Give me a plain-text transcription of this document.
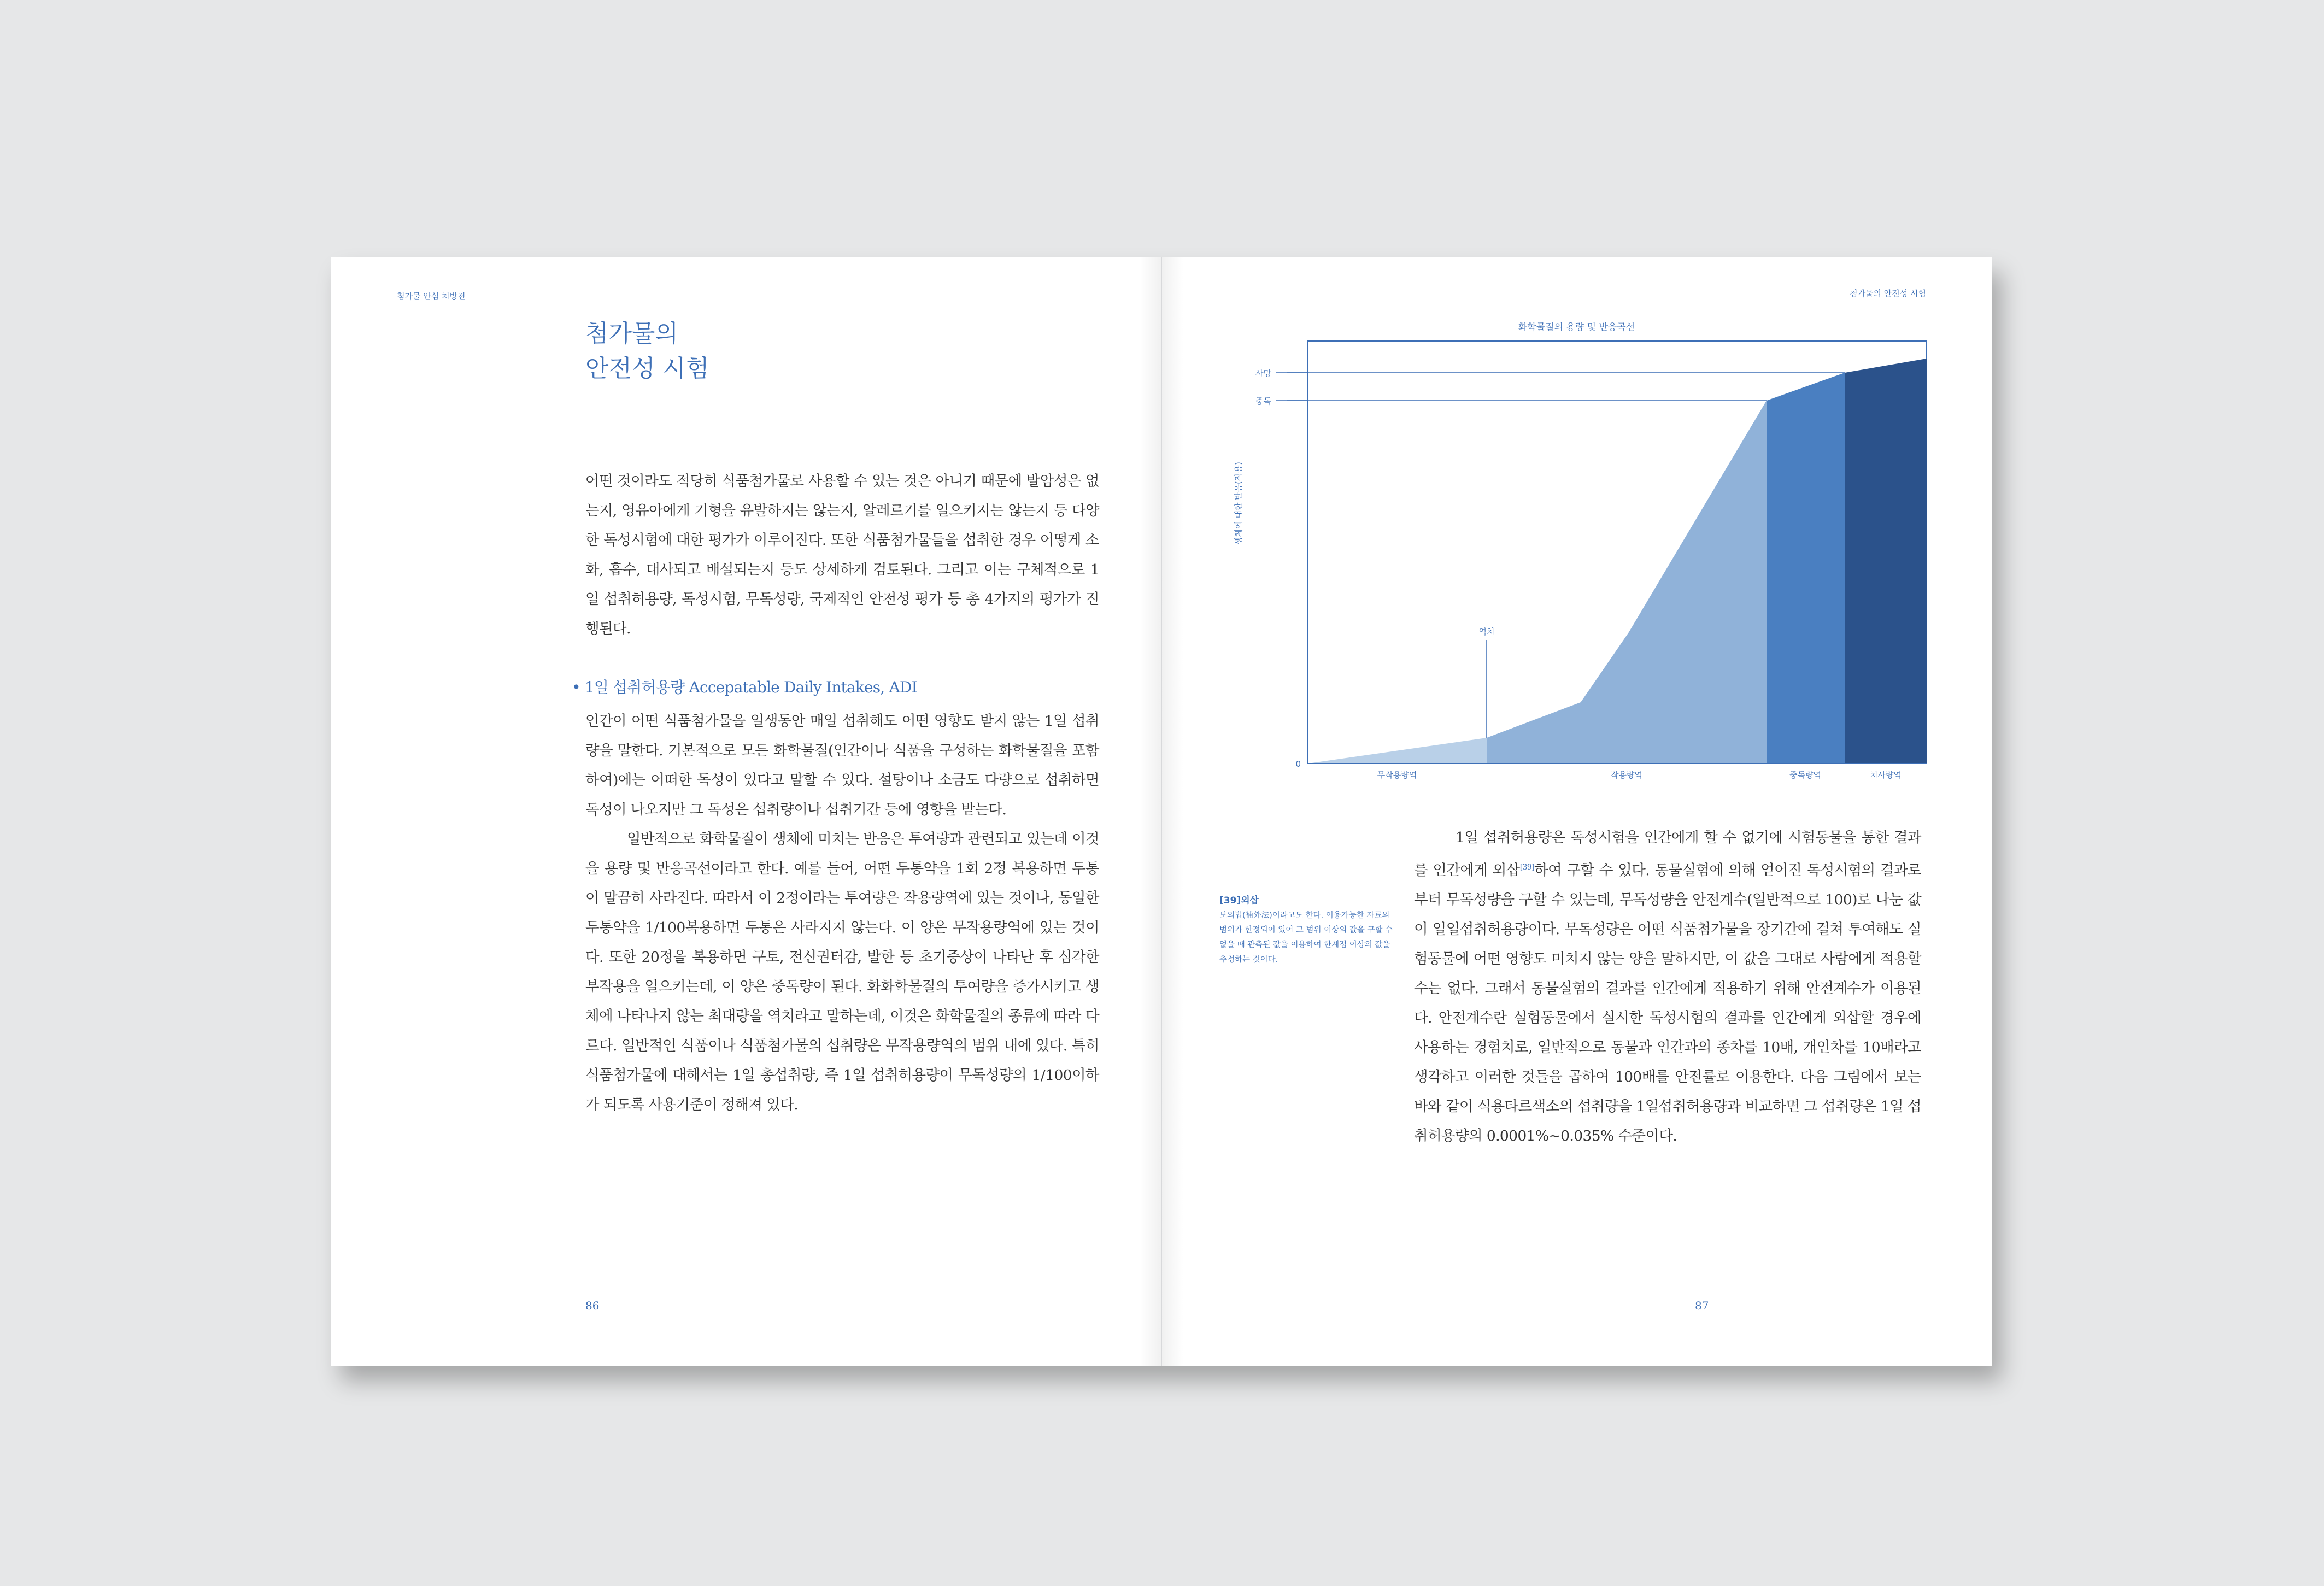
첨가물 안심 처방전
첨가물의
안전성 시험

어떤 것이라도 적당히 식품첨가물로 사용할 수 있는 것은 아니기 때문에 발암성은 없는지, 영유아에게 기형을 유발하지는 않는지, 알레르기를 일으키지는 않는지 등 다양한 독성시험에 대한 평가가 이루어진다. 또한 식품첨가물들을 섭취한 경우 어떻게 소화, 흡수, 대사되고 배설되는지 등도 상세하게 검토된다. 그리고 이는 구체적으로 1일 섭취허용량, 독성시험, 무독성량, 국제적인 안전성 평가 등 총 4가지의 평가가 진행된다.

• 1일 섭취허용량 Accepatable Daily Intakes, ADI

인간이 어떤 식품첨가물을 일생동안 매일 섭취해도 어떤 영향도 받지 않는 1일 섭취량을 말한다. 기본적으로 모든 화학물질(인간이나 식품을 구성하는 화학물질을 포함하여)에는 어떠한 독성이 있다고 말할 수 있다. 설탕이나 소금도 다량으로 섭취하면 독성이 나오지만 그 독성은 섭취량이나 섭취기간 등에 영향을 받는다.

일반적으로 화학물질이 생체에 미치는 반응은 투여량과 관련되고 있는데 이것을 용량 및 반응곡선이라고 한다. 예를 들어, 어떤 두통약을 1회 2정 복용하면 두통이 말끔히 사라진다. 따라서 이 2정이라는 투여량은 작용량역에 있는 것이나, 동일한 두통약을 1/100복용하면 두통은 사라지지 않는다. 이 양은 무작용량역에 있는 것이다. 또한 20정을 복용하면 구토, 전신권터감, 발한 등 초기증상이 나타난 후 심각한 부작용을 일으키는데, 이 양은 중독량이 된다. 화화학물질의 투여량을 증가시키고 생체에 나타나지 않는 최대량을 역치라고 말하는데, 이것은 화학물질의 종류에 따라 다르다. 일반적인 식품이나 식품첨가물의 섭취량은 무작용량역의 범위 내에 있다. 특히 식품첨가물에 대해서는 1일 총섭취량, 즉 1일 섭취허용량이 무독성량의 1/100이하가 되도록 사용기준이 정해져 있다.

86
첨가물의 안전성 시험
화학물질의 용량 및 반응곡선
사망
중독
역치
0
생체에 대한 반응(작용)
무작용량역	작용량역	중독량역	치사량역
[39]외삽
보외법(補外法)이라고도 한다. 이용가능한 자료의 범위가 한정되어 있어 그 범위 이상의 값을 구할 수 없을 때 관측된 값을 이용하여 한계점 이상의 값을 추정하는 것이다.

1일 섭취허용량은 독성시험을 인간에게 할 수 없기에 시험동물을 통한 결과를 인간에게 외삽[39]하여 구할 수 있다. 동물실험에 의해 얻어진 독성시험의 결과로부터 무독성량을 구할 수 있는데, 무독성량을 안전계수(일반적으로 100)로 나눈 값이 일일섭취허용량이다. 무독성량은 어떤 식품첨가물을 장기간에 걸쳐 투여해도 실험동물에 어떤 영향도 미치지 않는 양을 말하지만, 이 값을 그대로 사람에게 적용할 수는 없다. 그래서 동물실험의 결과를 인간에게 적용하기 위해 안전계수가 이용된다. 안전계수란 실험동물에서 실시한 독성시험의 결과를 인간에게 외삽할 경우에 사용하는 경험치로, 일반적으로 동물과 인간과의 종차를 10배, 개인차를 10배라고 생각하고 이러한 것들을 곱하여 100배를 안전률로 이용한다. 다음 그림에서 보는 바와 같이 식용타르색소의 섭취량을 1일섭취허용량과 비교하면 그 섭취량은 1일 섭취허용량의 0.0001%~0.035% 수준이다.

87
